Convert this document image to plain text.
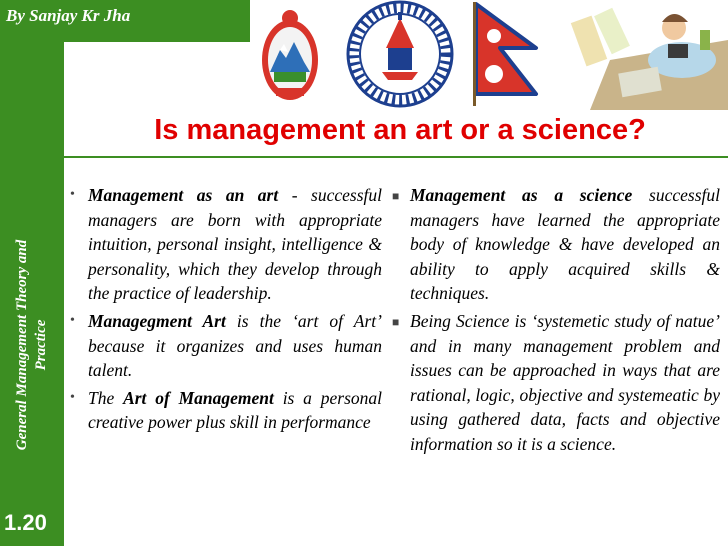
By Sanjay Kr Jha
Is management an art or a science?
General Management Theory and Practice
1.20
• Management as an art - successful managers are born with appropriate intuition, personal insight, intelligence & personality, which they develop through the practice of leadership.
• Managegment Art is the ‘art of Art’ because it organizes and uses human talent.
• The Art of Management is a personal creative power plus skill in performance
■ Management as a science successful managers have learned the appropriate body of knowledge & have developed an ability to apply acquired skills & techniques.
■ Being Science is ‘systemetic study of natue’ and in many management problem and issues can be approached in ways that are rational, logic, objective and systemeatic by using gathered data, facts and objective information so it is a science.
